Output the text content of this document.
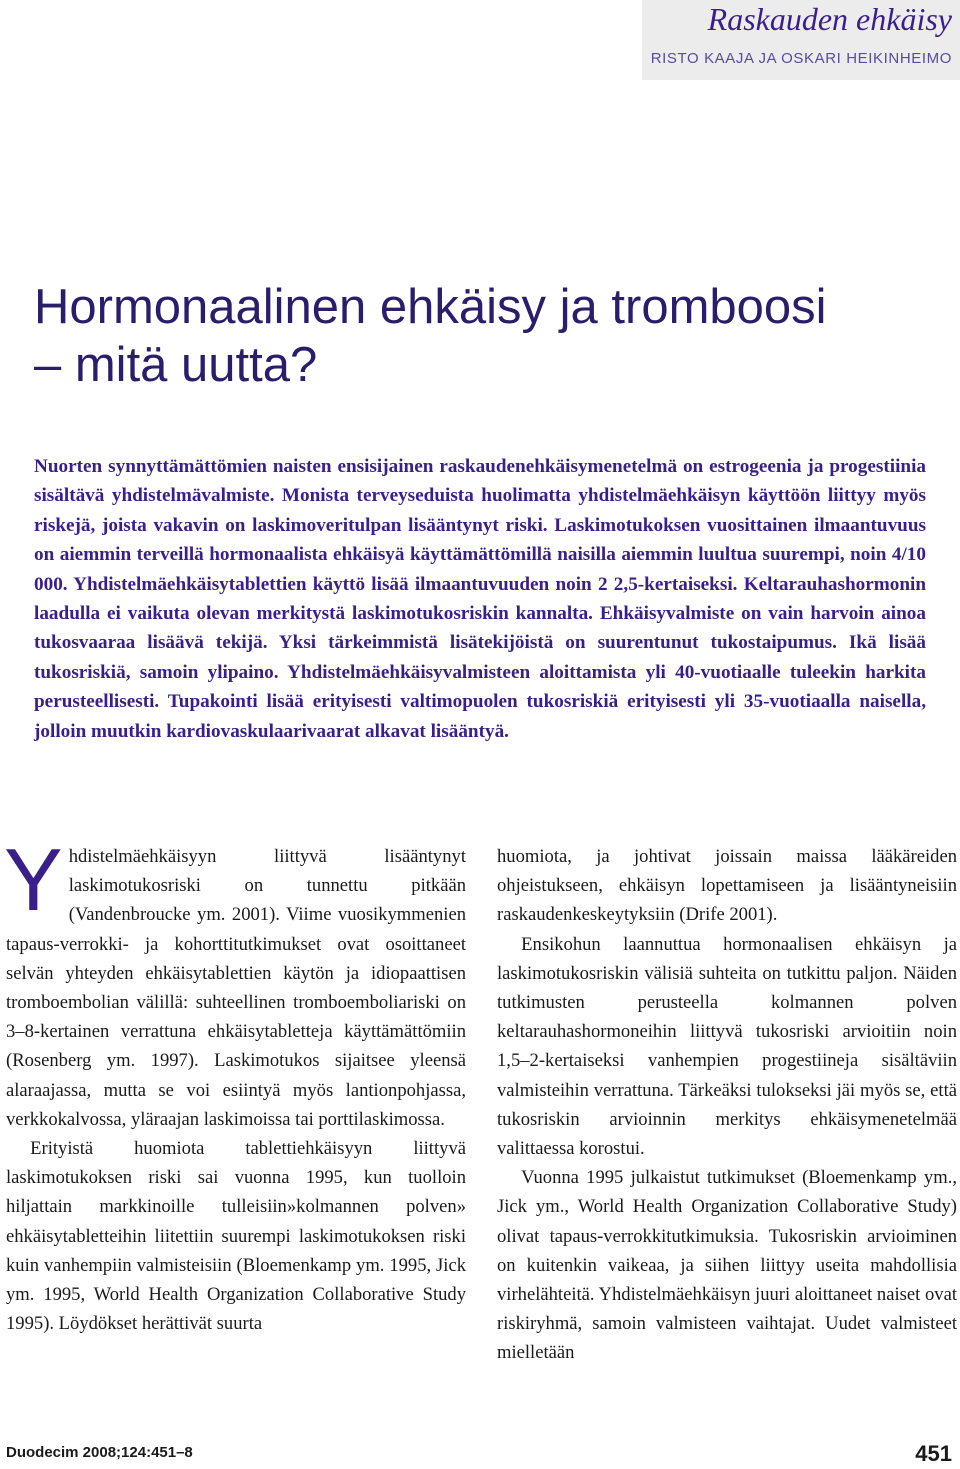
Raskauden ehkäisy
RISTO KAAJA JA OSKARI HEIKINHEIMO
Hormonaalinen ehkäisy ja tromboosi
– mitä uutta?

Nuorten synnyttämättömien naisten ensisijainen raskaudenehkäisymenetelmä on estrogeenia ja progestiinia sisältävä yhdistelmävalmiste. Monista terveyseduista huolimatta yhdistelmäehkäisyn käyttöön liittyy myös riskejä, joista vakavin on laskimoveritulpan lisääntynyt riski. Laskimotukoksen vuosittainen ilmaantuvuus on aiemmin terveillä hormonaalista ehkäisyä käyttämättömillä naisilla aiemmin luultua suurempi, noin 4/10 000. Yhdistelmäehkäisytablettien käyttö lisää ilmaantuvuuden noin 2 2,5-kertaiseksi. Keltarauhashormonin laadulla ei vaikuta olevan merkitystä laskimotukosriskin kannalta. Ehkäisyvalmiste on vain harvoin ainoa tukosvaaraa lisäävä tekijä. Yksi tärkeimmistä lisätekijöistä on suurentunut tukostaipumus. Ikä lisää tukosriskiä, samoin ylipaino. Yhdistelmäehkäisyvalmisteen aloittamista yli 40-vuotiaalle tuleekin harkita perusteellisesti. Tupakointi lisää erityisesti valtimopuolen tukosriskiä erityisesti yli 35-vuotiaalla naisella, jolloin muutkin kardiovaskulaarivaarat alkavat lisääntyä.

Yhdistelmäehkäisyyn liittyvä lisääntynyt laskimotukosriski on tunnettu pitkään (Vandenbroucke ym. 2001). Viime vuosikymmenien tapaus-verrokki- ja kohorttitutkimukset ovat osoittaneet selvän yhteyden ehkäisytablettien käytön ja idiopaattisen tromboembolian välillä: suhteellinen tromboemboliariski on 3–8-kertainen verrattuna ehkäisytabletteja käyttämättömiin (Rosenberg ym. 1997). Laskimotukos sijaitsee yleensä alaraajassa, mutta se voi esiintyä myös lantionpohjassa, verkkokalvossa, yläraajan laskimoissa tai porttilaskimossa.

Erityistä huomiota tablettiehkäisyyn liittyvä laskimotukoksen riski sai vuonna 1995, kun tuolloin hiljattain markkinoille tulleisiin»kolmannen polven» ehkäisytabletteihin liitettiin suurempi laskimotukoksen riski kuin vanhempiin valmisteisiin (Bloemenkamp ym. 1995, Jick ym. 1995, World Health Organization Collaborative Study 1995). Löydökset herättivät suurta

huomiota, ja johtivat joissain maissa lääkäreiden ohjeistukseen, ehkäisyn lopettamiseen ja lisääntyneisiin raskaudenkeskeytyksiin (Drife 2001).

Ensikohun laannuttua hormonaalisen ehkäisyn ja laskimotukosriskin välisiä suhteita on tutkittu paljon. Näiden tutkimusten perusteella kolmannen polven keltarauhashormoneihin liittyvä tukosriski arvioitiin noin 1,5–2-kertaiseksi vanhempien progestiineja sisältäviin valmisteihin verrattuna. Tärkeäksi tulokseksi jäi myös se, että tukosriskin arvioinnin merkitys ehkäisymenetelmää valittaessa korostui.

Vuonna 1995 julkaistut tutkimukset (Bloemenkamp ym., Jick ym., World Health Organization Collaborative Study) olivat tapaus-verrokkitutkimuksia. Tukosriskin arvioiminen on kuitenkin vaikeaa, ja siihen liittyy useita mahdollisia virhelähteitä. Yhdistelmäehkäisyn juuri aloittaneet naiset ovat riskiryhmä, samoin valmisteen vaihtajat. Uudet valmisteet mielletään

Duodecim 2008;124:451–8	451
